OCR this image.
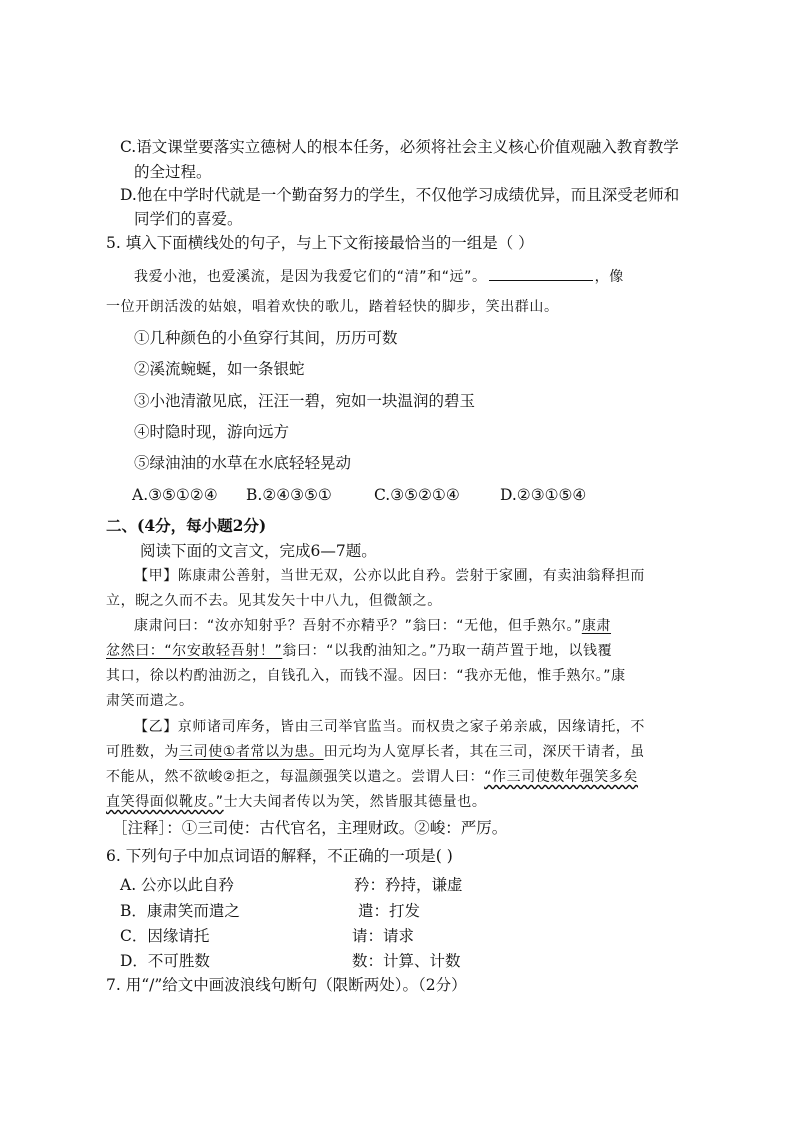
C.语文课堂要落实立德树人的根本任务，必须将社会主义核心价值观融入教育教学
的全过程。
D.他在中学时代就是一个勤奋努力的学生，不仅他学习成绩优异，而且深受老师和
同学们的喜爱。
5. 填入下面横线处的句子，与上下文衔接最恰当的一组是（ ）
我爱小池，也爱溪流，是因为我爱它们的“清”和“远”。	，像
一位开朗活泼的姑娘，唱着欢快的歌儿，踏着轻快的脚步，笑出群山。
①几种颜色的小鱼穿行其间，历历可数
②溪流蜿蜒，如一条银蛇
③小池清澈见底，汪汪一碧，宛如一块温润的碧玉
④时隐时现，游向远方
⑤绿油油的水草在水底轻轻晃动
A.③⑤①②④ B.②④③⑤①	C.③⑤②①④	D.②③①⑤④
二、(4分，每小题2分)
阅读下面的文言文，完成6—7题。
【甲】陈康肃公善射，当世无双，公亦以此自矜。尝射于家圃，有卖油翁释担而
立，睨之久而不去。见其发矢十中八九，但微颔之。
康肃问曰：“汝亦知射乎？吾射不亦精乎？”翁曰：“无他，但手熟尔。”康肃
忿然曰：“尔安敢轻吾射！”翁曰：“以我酌油知之。”乃取一葫芦置于地，以钱覆
其口，徐以杓酌油沥之，自钱孔入，而钱不湿。因曰：“我亦无他，惟手熟尔。”康
肃笑而遣之。
【乙】京师诸司库务，皆由三司举官监当。而权贵之家子弟亲戚，因缘请托，不
可胜数，为三司使①者常以为患。田元均为人宽厚长者，其在三司，深厌干请者，虽
不能从，然不欲峻②拒之，每温颜强笑以遣之。尝谓人曰：“作三司使数年强笑多矣
直笑得面似靴皮。”士大夫闻者传以为笑，然皆服其德量也。
［注释］：①三司使：古代官名，主理财政。②峻：严厉。
6. 下列句子中加点词语的解释，不正确的一项是( )
A. 公亦以此自矜	矜：矜持，谦虚
B．康肃笑而遣之	遣：打发
C．因缘请托	请：请求
D．不可胜数	数：计算、计数
7. 用“/”给文中画波浪线句断句（限断两处）。（2分）
